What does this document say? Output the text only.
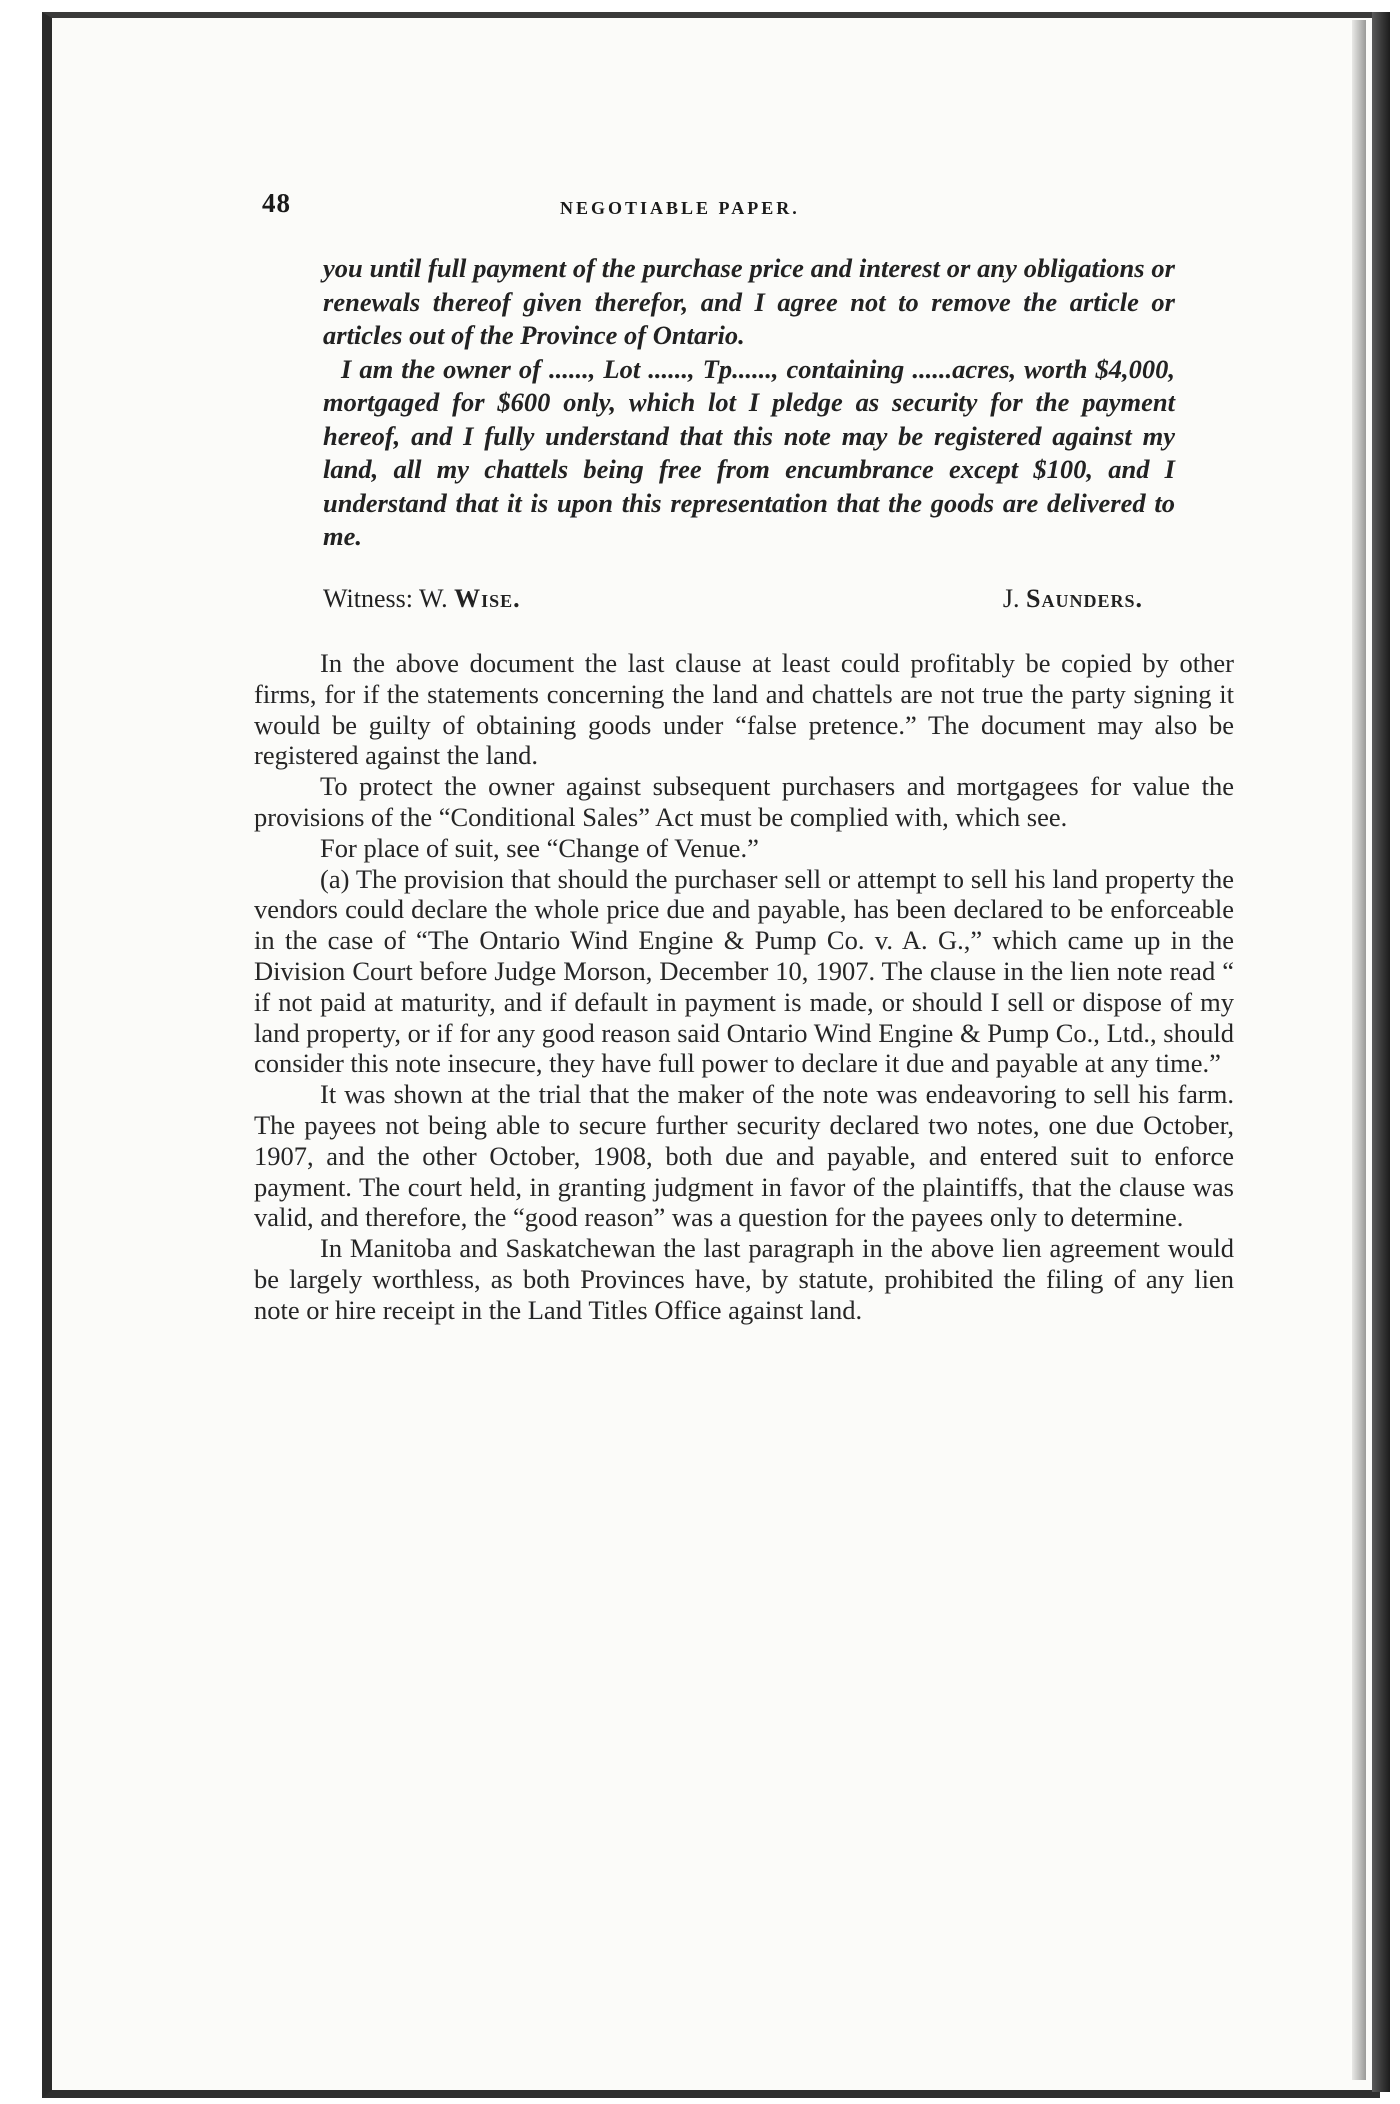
48	NEGOTIABLE PAPER.

you until full payment of the purchase price and interest or any obligations or renewals thereof given therefor, and I agree not to remove the article or articles out of the Province of Ontario.

I am the owner of ......, Lot ......, Tp......, containing ......acres, worth $4,000, mortgaged for $600 only, which lot I pledge as security for the payment hereof, and I fully understand that this note may be registered against my land, all my chattels being free from encumbrance except $100, and I understand that it is upon this representation that the goods are delivered to me.

Witness: W. Wise.	J. Saunders.

In the above document the last clause at least could profitably be copied by other firms, for if the statements concerning the land and chattels are not true the party signing it would be guilty of obtaining goods under “false pretence.” The document may also be registered against the land.

To protect the owner against subsequent purchasers and mortgagees for value the provisions of the “Conditional Sales” Act must be complied with, which see.

For place of suit, see “Change of Venue.”

(a) The provision that should the purchaser sell or attempt to sell his land property the vendors could declare the whole price due and payable, has been declared to be enforceable in the case of “The Ontario Wind Engine & Pump Co. v. A. G.,” which came up in the Division Court before Judge Morson, December 10, 1907. The clause in the lien note read “ if not paid at maturity, and if default in payment is made, or should I sell or dispose of my land property, or if for any good reason said Ontario Wind Engine & Pump Co., Ltd., should consider this note insecure, they have full power to declare it due and payable at any time.”

It was shown at the trial that the maker of the note was endeavoring to sell his farm. The payees not being able to secure further security declared two notes, one due October, 1907, and the other October, 1908, both due and payable, and entered suit to enforce payment. The court held, in granting judgment in favor of the plaintiffs, that the clause was valid, and therefore, the “good reason” was a question for the payees only to determine.

In Manitoba and Saskatchewan the last paragraph in the above lien agreement would be largely worthless, as both Provinces have, by statute, prohibited the filing of any lien note or hire receipt in the Land Titles Office against land.
